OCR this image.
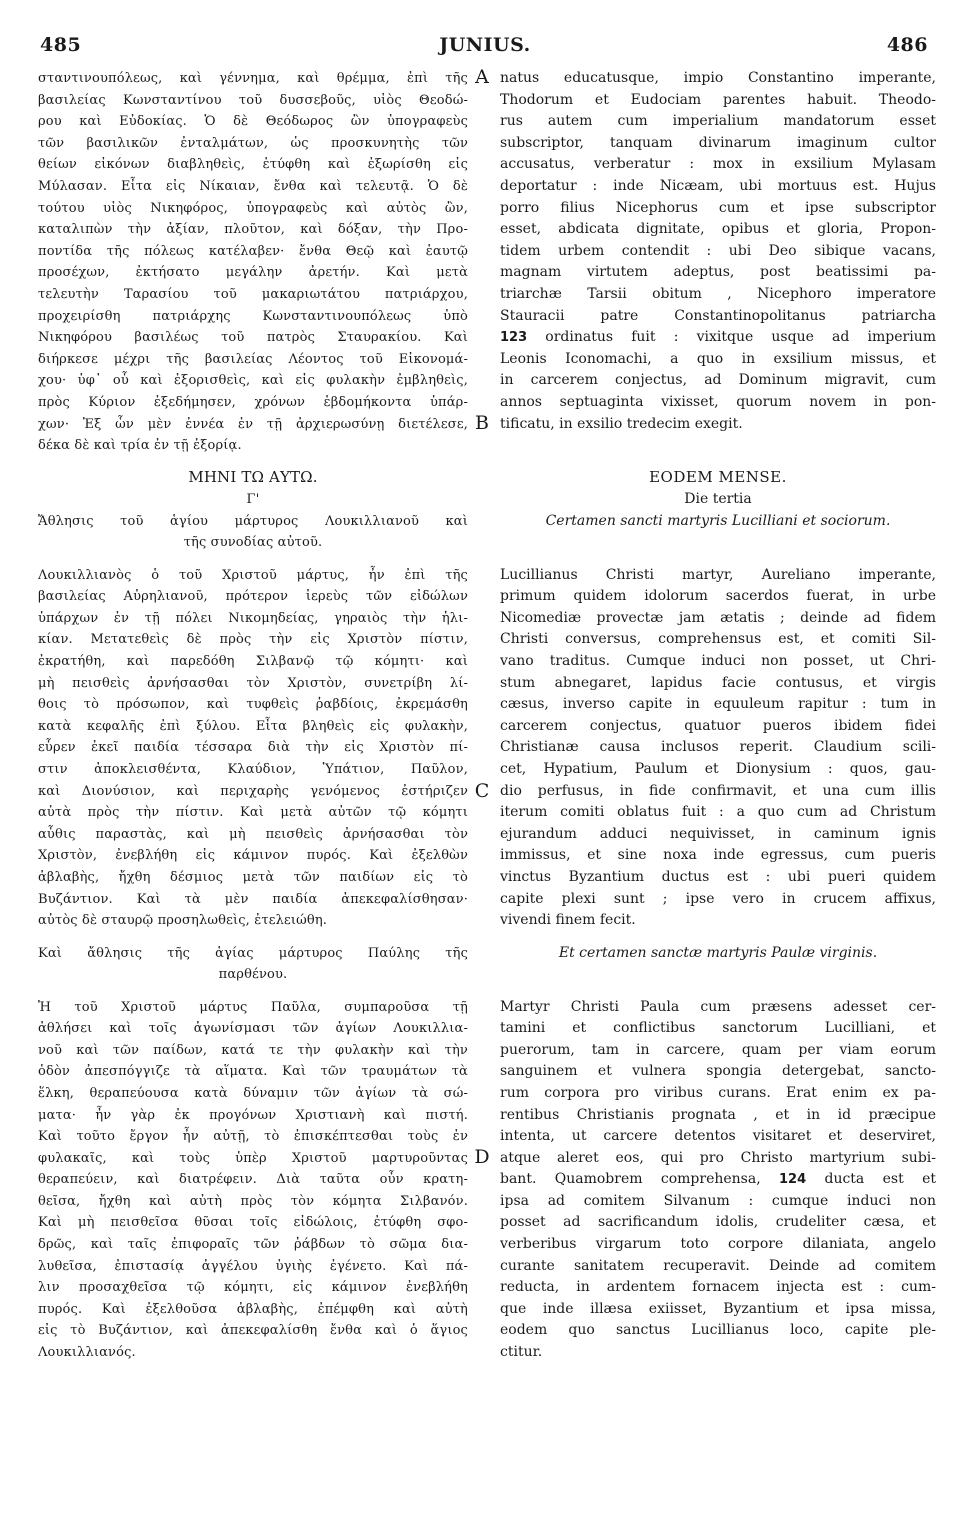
485	JUNIUS.	486
A
B
C
D
σταντινουπόλεως, καὶ γέννημα, καὶ θρέμμα, ἐπὶ τῆς
βασιλείας Κωνσταντίνου τοῦ δυσσεβοῦς, υἱὸς Θεοδώ-
ρου καὶ Εὐδοκίας. Ὁ δὲ Θεόδωρος ὢν ὑπογραφεὺς
τῶν βασιλικῶν ἐνταλμάτων, ὡς προσκυνητὴς τῶν
θείων εἰκόνων διαβληθεὶς, ἐτύφθη καὶ ἐξωρίσθη εἰς
Μύλασαν. Εἶτα εἰς Νίκαιαν, ἔνθα καὶ τελευτᾷ. Ὁ δὲ
τούτου υἱὸς Νικηφόρος, ὑπογραφεὺς καὶ αὐτὸς ὢν,
καταλιπὼν τὴν ἀξίαν, πλοῦτον, καὶ δόξαν, τὴν Προ-
ποντίδα τῆς πόλεως κατέλαβεν· ἔνθα Θεῷ καὶ ἑαυτῷ
προσέχων, ἐκτήσατο μεγάλην ἀρετήν. Καὶ μετὰ
τελευτὴν Ταρασίου τοῦ μακαριωτάτου πατριάρχου,
προχειρίσθη πατριάρχης Κωνσταντινουπόλεως ὑπὸ
Νικηφόρου βασιλέως τοῦ πατρὸς Σταυρακίου. Καὶ
διήρκεσε μέχρι τῆς βασιλείας Λέοντος τοῦ Εἰκονομά-
χου· ὑφ᾽ οὗ καὶ ἐξορισθεὶς, καὶ εἰς φυλακὴν ἐμβληθεὶς,
πρὸς Κύριον ἐξεδήμησεν, χρόνων ἑβδομήκοντα ὑπάρ-
χων· Ἐξ ὧν μὲν ἐννέα ἐν τῇ ἀρχιερωσύνῃ διετέλεσε,
δέκα δὲ καὶ τρία ἐν τῇ ἐξορίᾳ.
ΜΗΝΙ ΤΩ ΑΥΤΩ.
Γ'
Ἄθλησις τοῦ ἁγίου μάρτυρος Λουκιλλιανοῦ καὶ
τῆς συνοδίας αὐτοῦ.
Λουκιλλιανὸς ὁ τοῦ Χριστοῦ μάρτυς, ἦν ἐπὶ τῆς
βασιλείας Αὐρηλιανοῦ, πρότερον ἱερεὺς τῶν εἰδώλων
ὑπάρχων ἐν τῇ πόλει Νικομηδείας, γηραιὸς τὴν ἡλι-
κίαν. Μετατεθεὶς δὲ πρὸς τὴν εἰς Χριστὸν πίστιν,
ἐκρατήθη, καὶ παρεδόθη Σιλβανῷ τῷ κόμητι· καὶ
μὴ πεισθεὶς ἀρνήσασθαι τὸν Χριστὸν, συνετρίβη λί-
θοις τὸ πρόσωπον, καὶ τυφθεὶς ῥαβδίοις, ἐκρεμάσθη
κατὰ κεφαλῆς ἐπὶ ξύλου. Εἶτα βληθεὶς εἰς φυλακὴν,
εὗρεν ἐκεῖ παιδία τέσσαρα διὰ τὴν εἰς Χριστὸν πί-
στιν ἀποκλεισθέντα, Κλαύδιον, Ὑπάτιον, Παῦλον,
καὶ Διονύσιον, καὶ περιχαρὴς γενόμενος ἐστήριζεν
αὐτὰ πρὸς τὴν πίστιν. Καὶ μετὰ αὐτῶν τῷ κόμητι
αὖθις παραστὰς, καὶ μὴ πεισθεὶς ἀρνήσασθαι τὸν
Χριστὸν, ἐνεβλήθη εἰς κάμινον πυρός. Καὶ ἐξελθὼν
ἀβλαβὴς, ἤχθη δέσμιος μετὰ τῶν παιδίων εἰς τὸ
Βυζάντιον. Καὶ τὰ μὲν παιδία ἀπεκεφαλίσθησαν·
αὐτὸς δὲ σταυρῷ προσηλωθεὶς, ἐτελειώθη.
Καὶ ἄθλησις τῆς ἁγίας μάρτυρος Παύλης τῆς
παρθένου.
Ἡ τοῦ Χριστοῦ μάρτυς Παῦλα, συμπαροῦσα τῇ
ἀθλήσει καὶ τοῖς ἀγωνίσμασι τῶν ἁγίων Λουκιλλια-
νοῦ καὶ τῶν παίδων, κατά τε τὴν φυλακὴν καὶ τὴν
ὁδὸν ἀπεσπόγγιζε τὰ αἵματα. Καὶ τῶν τραυμάτων τὰ
ἕλκη, θεραπεύουσα κατὰ δύναμιν τῶν ἁγίων τὰ σώ-
ματα· ἦν γὰρ ἐκ προγόνων Χριστιανὴ καὶ πιστή.
Καὶ τοῦτο ἔργον ἦν αὐτῇ, τὸ ἐπισκέπτεσθαι τοὺς ἐν
φυλακαῖς, καὶ τοὺς ὑπὲρ Χριστοῦ μαρτυροῦντας
θεραπεύειν, καὶ διατρέφειν. Διὰ ταῦτα οὖν κρατη-
θεῖσα, ἤχθη καὶ αὐτὴ πρὸς τὸν κόμητα Σιλβανόν.
Καὶ μὴ πεισθεῖσα θῦσαι τοῖς εἰδώλοις, ἐτύφθη σφο-
δρῶς, καὶ ταῖς ἐπιφοραῖς τῶν ῥάβδων τὸ σῶμα δια-
λυθεῖσα, ἐπιστασίᾳ ἀγγέλου ὑγιὴς ἐγένετο. Καὶ πά-
λιν προσαχθεῖσα τῷ κόμητι, εἰς κάμινον ἐνεβλήθη
πυρός. Καὶ ἐξελθοῦσα ἀβλαβὴς, ἐπέμφθη καὶ αὐτὴ
εἰς τὸ Βυζάντιον, καὶ ἀπεκεφαλίσθη ἔνθα καὶ ὁ ἅγιος
Λουκιλλιανός.
natus educatusque, impio Constantino imperante,
Thodorum et Eudociam parentes habuit. Theodo-
rus autem cum imperialium mandatorum esset
subscriptor, tanquam divinarum imaginum cultor
accusatus, verberatur : mox in exsilium Mylasam
deportatur : inde Nicæam, ubi mortuus est. Hujus
porro filius Nicephorus cum et ipse subscriptor
esset, abdicata dignitate, opibus et gloria, Propon-
tidem urbem contendit : ubi Deo sibique vacans,
magnam virtutem adeptus, post beatissimi pa-
triarchæ Tarsii obitum , Nicephoro imperatore
Stauracii patre Constantinopolitanus patriarcha
123 ordinatus fuit : vixitque usque ad imperium
Leonis Iconomachi, a quo in exsilium missus, et
in carcerem conjectus, ad Dominum migravit, cum
annos septuaginta vixisset, quorum novem in pon-
tificatu, in exsilio tredecim exegit.
EODEM MENSE.
Die tertia
Certamen sancti martyris Lucilliani et sociorum.
Lucillianus Christi martyr, Aureliano imperante,
primum quidem idolorum sacerdos fuerat, in urbe
Nicomediæ provectæ jam ætatis ; deinde ad fidem
Christi conversus, comprehensus est, et comiti Sil-
vano traditus. Cumque induci non posset, ut Chri-
stum abnegaret, lapidus facie contusus, et virgis
cæsus, inverso capite in equuleum rapitur : tum in
carcerem conjectus, quatuor pueros ibidem fidei
Christianæ causa inclusos reperit. Claudium scili-
cet, Hypatium, Paulum et Dionysium : quos, gau-
dio perfusus, in fide confirmavit, et una cum illis
iterum comiti oblatus fuit : a quo cum ad Christum
ejurandum adduci nequivisset, in caminum ignis
immissus, et sine noxa inde egressus, cum pueris
vinctus Byzantium ductus est : ubi pueri quidem
capite plexi sunt ; ipse vero in crucem affixus,
vivendi finem fecit.
Et certamen sanctæ martyris Paulæ virginis.
Martyr Christi Paula cum præsens adesset cer-
tamini et conflictibus sanctorum Lucilliani, et
puerorum, tam in carcere, quam per viam eorum
sanguinem et vulnera spongia detergebat, sancto-
rum corpora pro viribus curans. Erat enim ex pa-
rentibus Christianis prognata , et in id præcipue
intenta, ut carcere detentos visitaret et deserviret,
atque aleret eos, qui pro Christo martyrium subi-
bant. Quamobrem comprehensa, 124 ducta est et
ipsa ad comitem Silvanum : cumque induci non
posset ad sacrificandum idolis, crudeliter cæsa, et
verberibus virgarum toto corpore dilaniata, angelo
curante sanitatem recuperavit. Deinde ad comitem
reducta, in ardentem fornacem injecta est : cum-
que inde illæsa exiisset, Byzantium et ipsa missa,
eodem quo sanctus Lucillianus loco, capite ple-
ctitur.
